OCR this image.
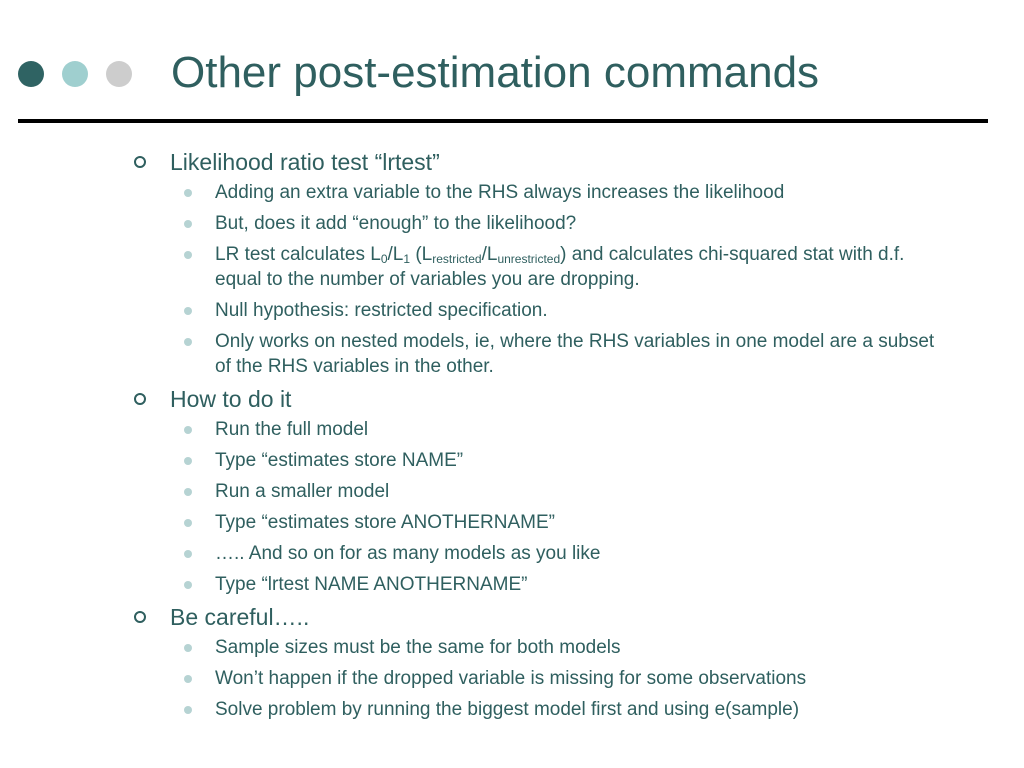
Other post-estimation commands
Likelihood ratio test “lrtest”
Adding an extra variable to the RHS always increases the likelihood
But, does it add “enough” to the likelihood?
LR test calculates $L_0/L_1$ $(L_{restricted}/L_{unrestricted})$ and calculates chi-squared stat with d.f. equal to the number of variables you are dropping.
Null hypothesis: restricted specification.
Only works on nested models, ie, where the RHS variables in one model are a subset of the RHS variables in the other.
How to do it
Run the full model
Type “estimates store NAME”
Run a smaller model
Type “estimates store ANOTHERNAME”
….. And so on for as many models as you like
Type “lrtest NAME ANOTHERNAME”
Be careful…..
Sample sizes must be the same for both models
Won’t happen if the dropped variable is missing for some observations
Solve problem by running the biggest model first and using e(sample)
